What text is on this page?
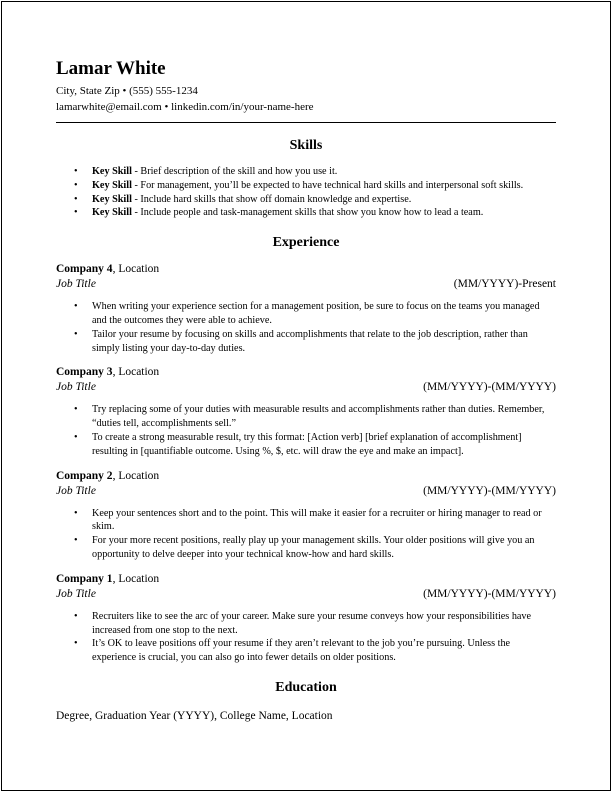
Lamar White
City, State Zip • (555) 555-1234
lamarwhite@email.com • linkedin.com/in/your-name-here
Skills
• Key Skill - Brief description of the skill and how you use it.
• Key Skill - For management, you’ll be expected to have technical hard skills and interpersonal soft skills.
• Key Skill - Include hard skills that show off domain knowledge and expertise.
• Key Skill - Include people and task-management skills that show you know how to lead a team.
Experience
Company 4, Location
Job Title	(MM/YYYY)-Present
• When writing your experience section for a management position, be sure to focus on the teams you managed and the outcomes they were able to achieve.
• Tailor your resume by focusing on skills and accomplishments that relate to the job description, rather than simply listing your day-to-day duties.
Company 3, Location
Job Title	(MM/YYYY)-(MM/YYYY)
• Try replacing some of your duties with measurable results and accomplishments rather than duties. Remember, “duties tell, accomplishments sell.”
• To create a strong measurable result, try this format: [Action verb] [brief explanation of accomplishment] resulting in [quantifiable outcome. Using %, $, etc. will draw the eye and make an impact].
Company 2, Location
Job Title	(MM/YYYY)-(MM/YYYY)
• Keep your sentences short and to the point. This will make it easier for a recruiter or hiring manager to read or skim.
• For your more recent positions, really play up your management skills. Your older positions will give you an opportunity to delve deeper into your technical know-how and hard skills.
Company 1, Location
Job Title	(MM/YYYY)-(MM/YYYY)
• Recruiters like to see the arc of your career. Make sure your resume conveys how your responsibilities have increased from one stop to the next.
• It’s OK to leave positions off your resume if they aren’t relevant to the job you’re pursuing. Unless the experience is crucial, you can also go into fewer details on older positions.
Education
Degree, Graduation Year (YYYY), College Name, Location
